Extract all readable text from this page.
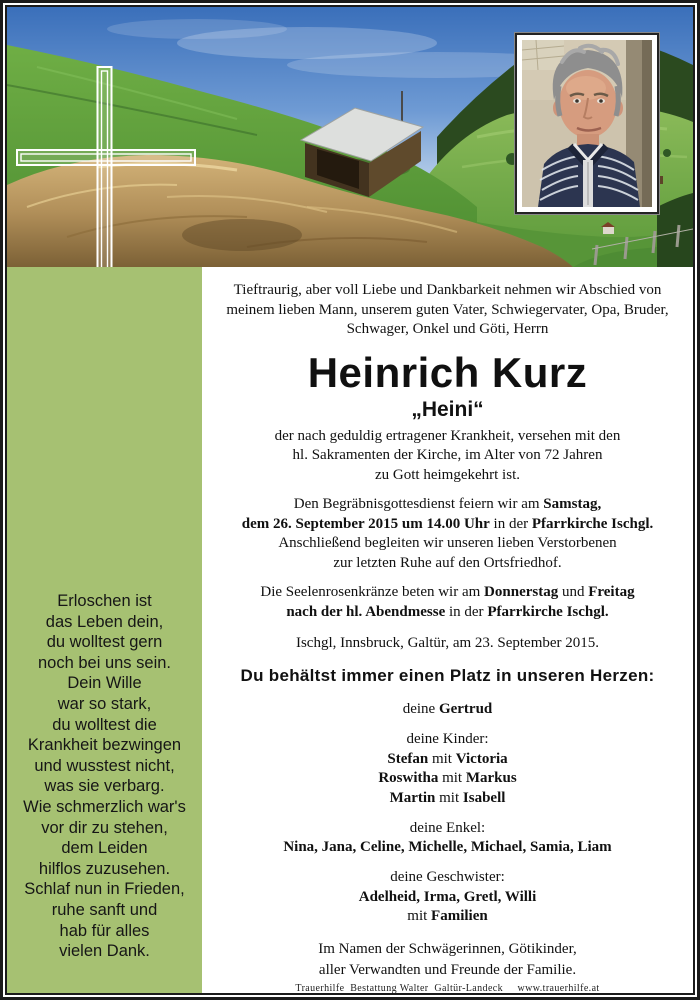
Erloschen ist
das Leben dein,
du wolltest gern
noch bei uns sein.
Dein Wille
war so stark,
du wolltest die
Krankheit bezwingen
und wusstest nicht,
was sie verbarg.
Wie schmerzlich war's
vor dir zu stehen,
dem Leiden
hilflos zuzusehen.
Schlaf nun in Frieden,
ruhe sanft und
hab für alles
vielen Dank.

Tieftraurig, aber voll Liebe und Dankbarkeit nehmen wir Abschied von
meinem lieben Mann, unserem guten Vater, Schwiegervater, Opa, Bruder,
Schwager, Onkel und Göti, Herrn

Heinrich Kurz
„Heini“

der nach geduldig ertragener Krankheit, versehen mit den
hl. Sakramenten der Kirche, im Alter von 72 Jahren
zu Gott heimgekehrt ist.

Den Begräbnisgottesdienst feiern wir am Samstag,
dem 26. September 2015 um 14.00 Uhr in der Pfarrkirche Ischgl.
Anschließend begleiten wir unseren lieben Verstorbenen
zur letzten Ruhe auf den Ortsfriedhof.

Die Seelenrosenkränze beten wir am Donnerstag und Freitag
nach der hl. Abendmesse in der Pfarrkirche Ischgl.

Ischgl, Innsbruck, Galtür, am 23. September 2015.

Du behältst immer einen Platz in unseren Herzen:

deine Gertrud

deine Kinder:
Stefan mit Victoria
Roswitha mit Markus
Martin mit Isabell
deine Enkel:
Nina, Jana, Celine, Michelle, Michael, Samia, Liam
deine Geschwister:
Adelheid, Irma, Gretl, Willi
mit Familien

Im Namen der Schwägerinnen, Götikinder,
aller Verwandten und Freunde der Familie.

Trauerhilfe  Bestattung Walter  Galtür-Landeck     www.trauerhilfe.at
